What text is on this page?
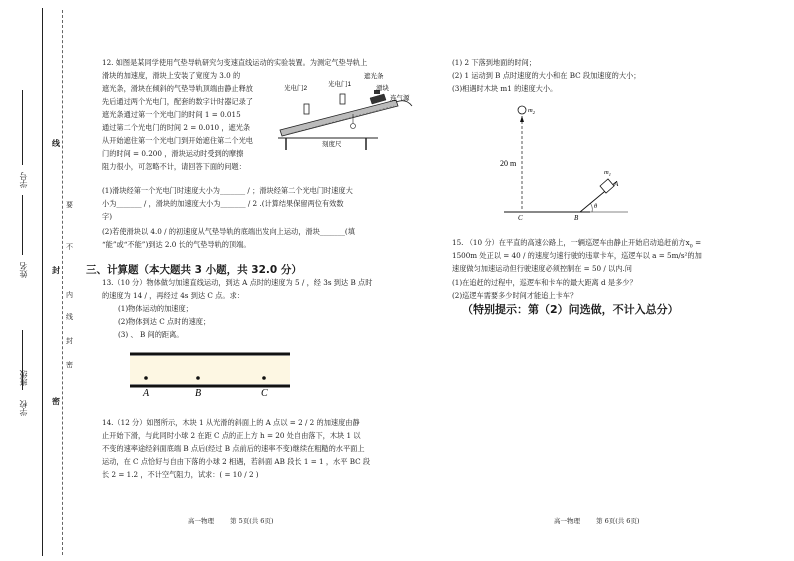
学校
班级
姓名
学号
线
封
密
要
不
内
线
封
密
12. 如图是某同学使用气垫导轨研究匀变速直线运动的实验装置。为测定气垫导轨上
滑块的加速度，滑块上安装了宽度为 3.0 的
遮光条，滑块在倾斜的气垫导轨顶端由静止释放
先后通过两个光电门，配套的数字计时器记录了
遮光条通过第一个光电门的时间 1 = 0.015
通过第二个光电门的时间 2 = 0.010 ，遮光条
从开始遮住第一个光电门到开始遮住第二个光电
门的时间 = 0.200 ，滑块运动时受到的摩擦
阻力很小，可忽略不计，请回答下面的问题：
光电门2
光电门1
遮光条
滑块
连气源
刻度尺
(1)滑块经第一个光电门时速度大小为_______ / ；滑块经第二个光电门时速度大
小为_______ / ，滑块的加速度大小为_______ / 2 .(计算结果保留两位有效数
字)
(2)若使滑块以 4.0 / 的初速度从气垫导轨的底端出发向上运动，滑块_______(填
“能”或“不能”)到达 2.0 长的气垫导轨的顶端。
三、计算题（本大题共 3 小题，共 32.0 分）
13.（10 分）物体做匀加速直线运动，到达 A 点时的速度为 5 / ，经 3s 到达 B 点时
的速度为 14 / ，再经过 4s 到达 C 点。求：
(1)物体运动的加速度；
(2)物体到达 C 点时的速度；
(3) 、 B 间的距离。
A	B	C
14.（12 分）如图所示，木块 1 从光滑的斜面上的 A 点以 = 2 / 2 的加速度由静
止开始下滑，与此同时小球 2 在距 C 点的正上方 h = 20 处自由落下，木块 1 以
不变的速率途经斜面底端 B 点后(经过 B 点前后的速率不变)继续在粗糙的水平面上
运动，在 C 点恰好与自由下落的小球 2 相遇，若斜面 AB 段长 1 = 1 ，水平 BC 段
长 2 = 1.2 ，不计空气阻力，试求：( = 10 / 2 )
(1) 2 下落到地面的时间；
(2) 1 运动到 B 点时速度的大小和在 BC 段加速度的大小；
(3)相遇时木块 m1 的速度大小。
$m_2$
20 m
$m_1$
A
B
C
θ
15. （10 分）在平直的高速公路上，一辆巡逻车由静止开始启动追赶前方$x_0$ =
1500m 处正以 = 40 / 的速度匀速行驶的违章卡车，巡逻车以 a = 5m/s²的加
速度做匀加速运动但行驶速度必须控制在 = 50 / 以内.问
(1)在追赶的过程中，巡逻车和卡车的最大距离 d 是多少？
(2)巡逻车需要多少时间才能追上卡车？
（特别提示：第（2）问选做，不计入总分）
高一物理 第 5页(共 6页)	高一物理 第 6页(共 6页)
